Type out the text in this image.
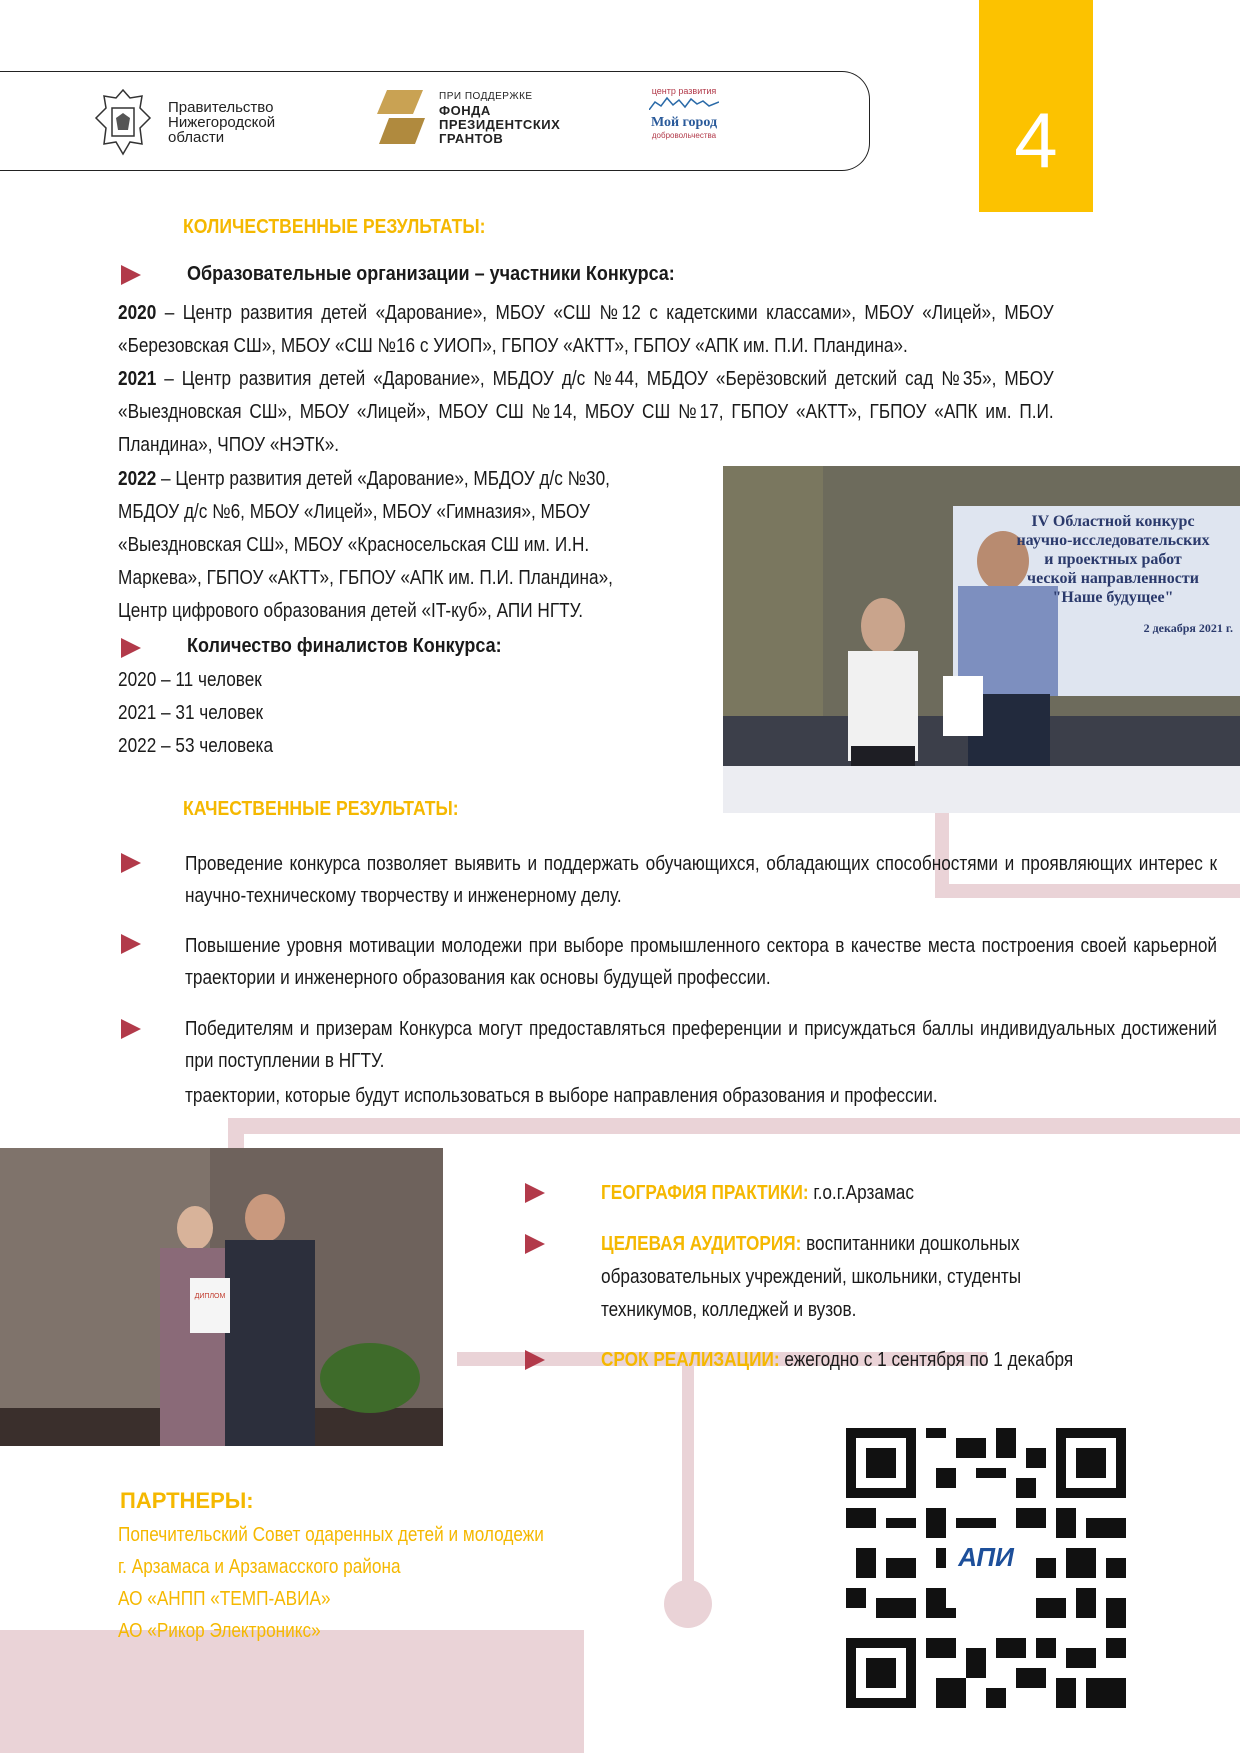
Правительство
Нижегородской
области
ПРИ ПОДДЕРЖКЕ
ФОНДА
ПРЕЗИДЕНТСКИХ
ГРАНТОВ
центр развития
Мой город
добровольчества	4
КОЛИЧЕСТВЕННЫЕ РЕЗУЛЬТАТЫ:
Образовательные организации – участники Конкурса:
2020 – Центр развития детей «Дарование», МБОУ «СШ №12 с кадетскими классами», МБОУ «Лицей», МБОУ «Березовская СШ», МБОУ «СШ №16 с УИОП», ГБПОУ «АКТТ», ГБПОУ «АПК им. П.И. Пландина».
2021 – Центр развития детей «Дарование», МБДОУ д/с №44, МБДОУ «Берёзовский детский сад №35», МБОУ «Выездновская СШ», МБОУ «Лицей», МБОУ СШ №14, МБОУ СШ №17, ГБПОУ «АКТТ», ГБПОУ «АПК им. П.И. Пландина», ЧПОУ «НЭТК».
2022 – Центр развития детей «Дарование», МБДОУ д/с №30,
МБДОУ д/с №6, МБОУ «Лицей», МБОУ «Гимназия», МБОУ
«Выездновская СШ», МБОУ «Красносельская СШ им. И.Н.
Маркева», ГБПОУ «АКТТ», ГБПОУ «АПК им. П.И. Пландина»,
Центр цифрового образования детей «IT-куб», АПИ НГТУ.
Количество финалистов Конкурса:
2020 – 11 человек
2021 – 31 человек
2022 – 53 человека
IV Областной конкурс
научно-исследовательских
и проектных работ
ческой направленности
"Наше будущее"
2 декабря 2021 г.
КАЧЕСТВЕННЫЕ РЕЗУЛЬТАТЫ:
Проведение конкурса позволяет выявить и поддержать обучающихся, обладающих способностями и проявляющих интерес к научно-техническому творчеству и инженерному делу.
Повышение уровня мотивации молодежи при выборе промышленного сектора в качестве места построения своей карьерной траектории и инженерного образования как основы будущей профессии.
Победителям и призерам Конкурса могут предоставляться преференции и присуждаться баллы индивидуальных достижений при поступлении в НГТУ.
траектории, которые будут использоваться в выборе направления образования и профессии.
ДИПЛОМ
ГЕОГРАФИЯ ПРАКТИКИ: г.о.г.Арзамас
ЦЕЛЕВАЯ АУДИТОРИЯ: воспитанники дошкольных
образовательных учреждений, школьники, студенты
техникумов, колледжей и вузов.
СРОК РЕАЛИЗАЦИИ: ежегодно с 1 сентября по 1 декабря
ПАРТНЕРЫ:
Попечительский Совет одаренных детей и молодежи
г. Арзамаса и Арзамасского района
АО «АНПП «ТЕМП-АВИА»
АО «Рикор Электроникс»
АПИ
